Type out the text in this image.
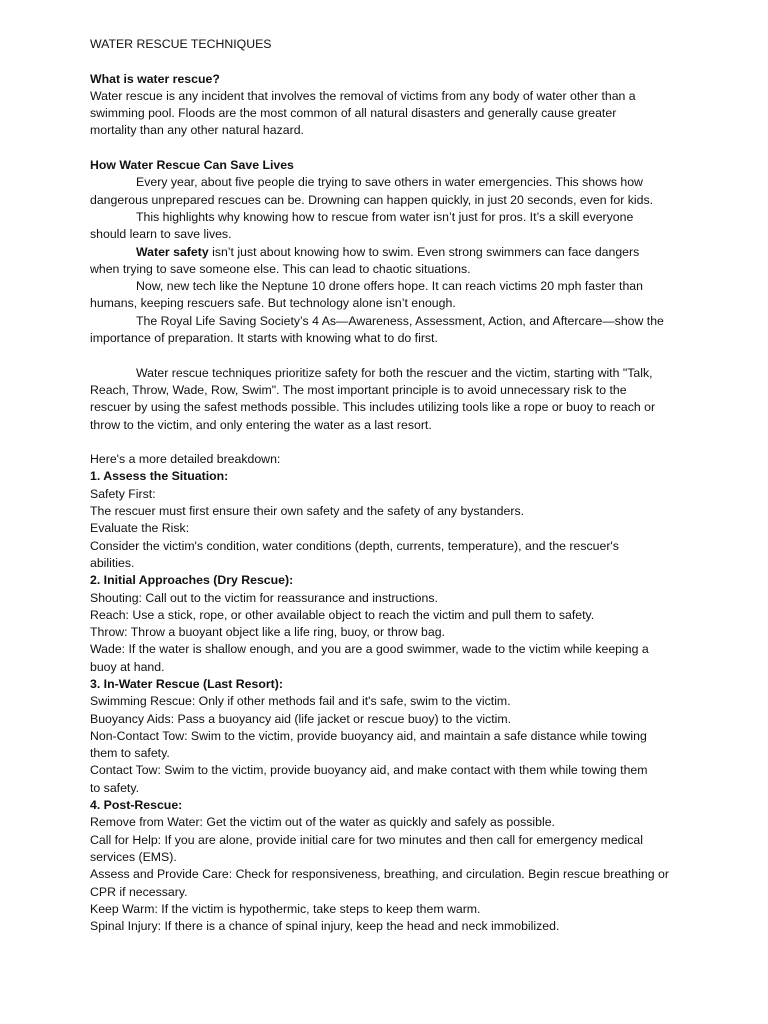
WATER RESCUE TECHNIQUES
What is water rescue?
Water rescue is any incident that involves the removal of victims from any body of water other than a
swimming pool. Floods are the most common of all natural disasters and generally cause greater
mortality than any other natural hazard.
How Water Rescue Can Save Lives
Every year, about five people die trying to save others in water emergencies. This shows how
dangerous unprepared rescues can be. Drowning can happen quickly, in just 20 seconds, even for kids.
This highlights why knowing how to rescue from water isn’t just for pros. It’s a skill everyone
should learn to save lives.
Water safety isn’t just about knowing how to swim. Even strong swimmers can face dangers
when trying to save someone else. This can lead to chaotic situations.
Now, new tech like the Neptune 10 drone offers hope. It can reach victims 20 mph faster than
humans, keeping rescuers safe. But technology alone isn’t enough.
The Royal Life Saving Society’s 4 As—Awareness, Assessment, Action, and Aftercare—show the
importance of preparation. It starts with knowing what to do first.
Water rescue techniques prioritize safety for both the rescuer and the victim, starting with "Talk,
Reach, Throw, Wade, Row, Swim". The most important principle is to avoid unnecessary risk to the
rescuer by using the safest methods possible. This includes utilizing tools like a rope or buoy to reach or
throw to the victim, and only entering the water as a last resort.
Here's a more detailed breakdown:
1. Assess the Situation:
Safety First:
The rescuer must first ensure their own safety and the safety of any bystanders.
Evaluate the Risk:
Consider the victim's condition, water conditions (depth, currents, temperature), and the rescuer's
abilities.
2. Initial Approaches (Dry Rescue):
Shouting: Call out to the victim for reassurance and instructions.
Reach: Use a stick, rope, or other available object to reach the victim and pull them to safety.
Throw: Throw a buoyant object like a life ring, buoy, or throw bag.
Wade: If the water is shallow enough, and you are a good swimmer, wade to the victim while keeping a
buoy at hand.
3. In-Water Rescue (Last Resort):
Swimming Rescue: Only if other methods fail and it's safe, swim to the victim.
Buoyancy Aids: Pass a buoyancy aid (life jacket or rescue buoy) to the victim.
Non-Contact Tow: Swim to the victim, provide buoyancy aid, and maintain a safe distance while towing
them to safety.
Contact Tow: Swim to the victim, provide buoyancy aid, and make contact with them while towing them
to safety.
4. Post-Rescue:
Remove from Water: Get the victim out of the water as quickly and safely as possible.
Call for Help: If you are alone, provide initial care for two minutes and then call for emergency medical
services (EMS).
Assess and Provide Care: Check for responsiveness, breathing, and circulation. Begin rescue breathing or
CPR if necessary.
Keep Warm: If the victim is hypothermic, take steps to keep them warm.
Spinal Injury: If there is a chance of spinal injury, keep the head and neck immobilized.
